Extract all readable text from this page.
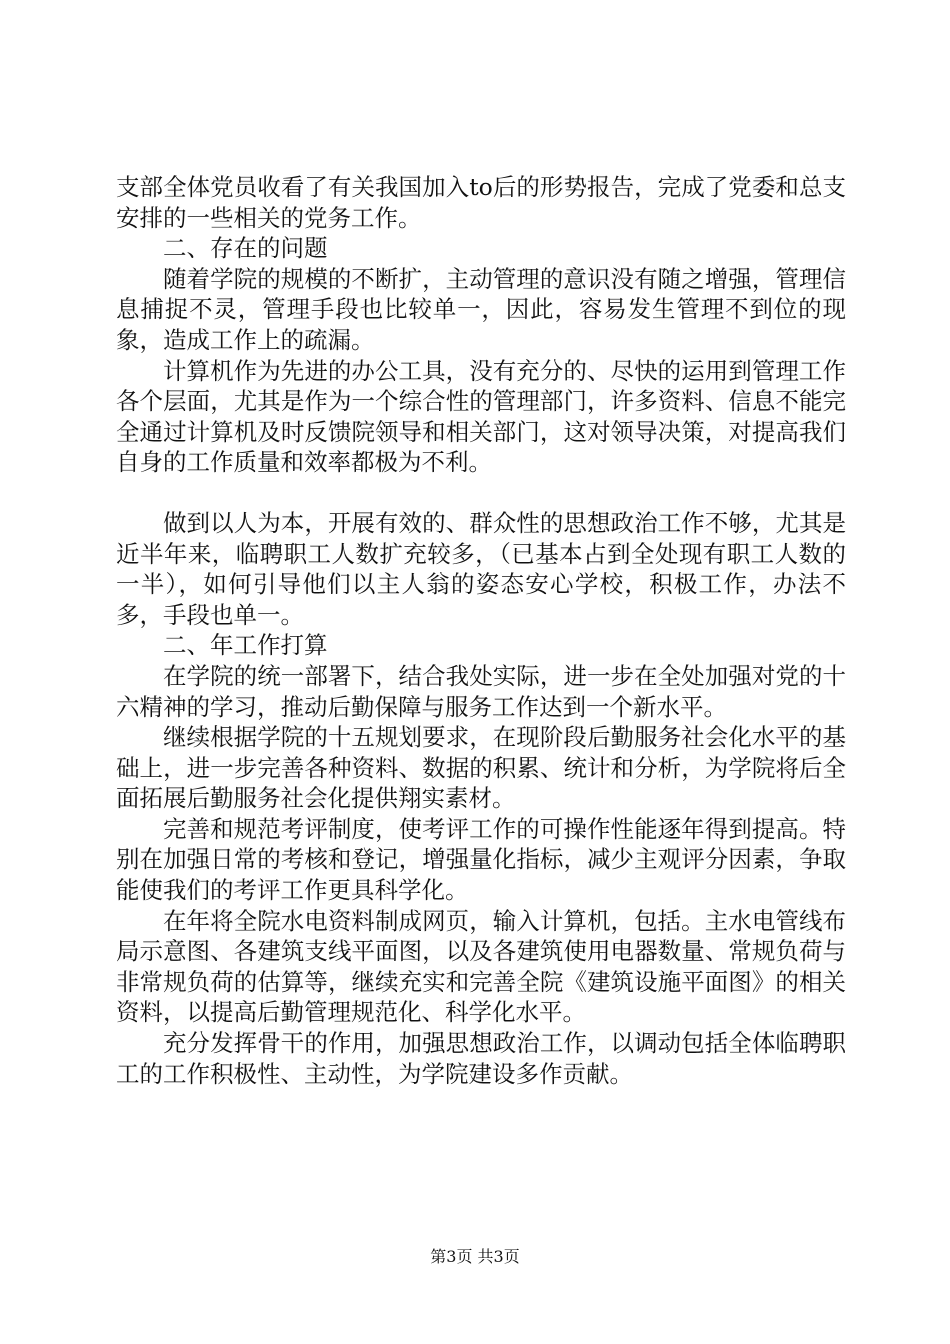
支部全体党员收看了有关我国加入to后的形势报告，完成了党委和总支安排的一些相关的党务工作。

二、存在的问题

随着学院的规模的不断扩，主动管理的意识没有随之增强，管理信息捕捉不灵，管理手段也比较单一，因此，容易发生管理不到位的现象，造成工作上的疏漏。

计算机作为先进的办公工具，没有充分的、尽快的运用到管理工作各个层面，尤其是作为一个综合性的管理部门，许多资料、信息不能完全通过计算机及时反馈院领导和相关部门，这对领导决策，对提高我们自身的工作质量和效率都极为不利。

做到以人为本，开展有效的、群众性的思想政治工作不够，尤其是近半年来，临聘职工人数扩充较多，（已基本占到全处现有职工人数的一半），如何引导他们以主人翁的姿态安心学校，积极工作，办法不多，手段也单一。

二、年工作打算

在学院的统一部署下，结合我处实际，进一步在全处加强对党的十六精神的学习，推动后勤保障与服务工作达到一个新水平。

继续根据学院的十五规划要求，在现阶段后勤服务社会化水平的基础上，进一步完善各种资料、数据的积累、统计和分析，为学院将后全面拓展后勤服务社会化提供翔实素材。

完善和规范考评制度，使考评工作的可操作性能逐年得到提高。特别在加强日常的考核和登记，增强量化指标，减少主观评分因素，争取能使我们的考评工作更具科学化。

在年将全院水电资料制成网页，输入计算机，包括。主水电管线布局示意图、各建筑支线平面图，以及各建筑使用电器数量、常规负荷与非常规负荷的估算等，继续充实和完善全院《建筑设施平面图》的相关资料，以提高后勤管理规范化、科学化水平。

充分发挥骨干的作用，加强思想政治工作，以调动包括全体临聘职工的工作积极性、主动性，为学院建设多作贡献。

第3页 共3页
